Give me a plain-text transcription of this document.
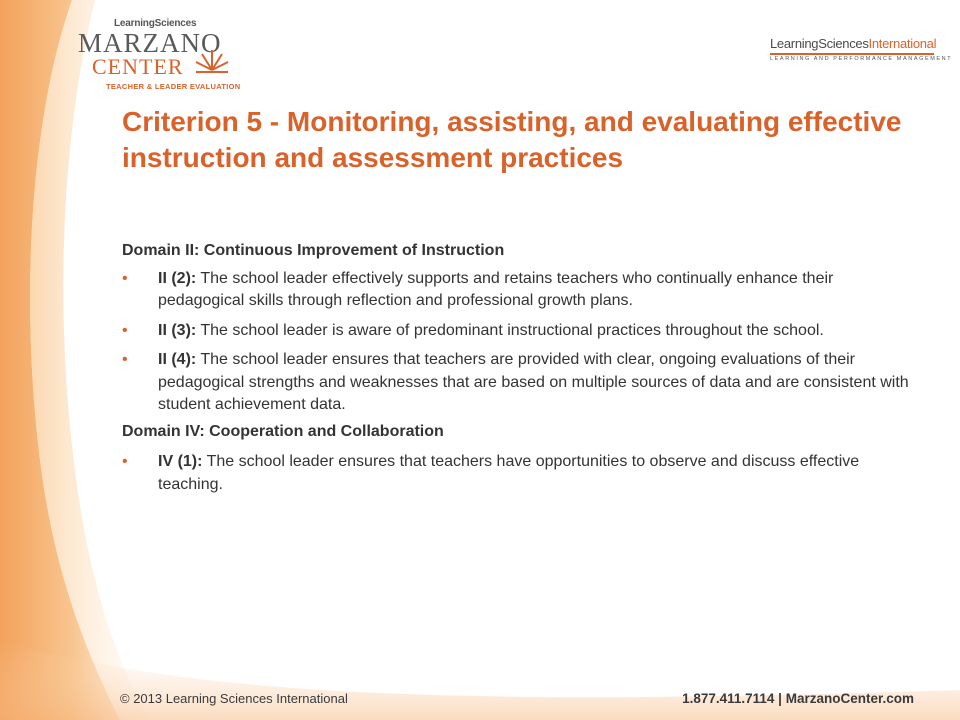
LearningSciences
MARZANO
CENTER
TEACHER & LEADER EVALUATION
LearningSciencesInternational
LEARNING AND PERFORMANCE MANAGEMENT
Criterion 5 - Monitoring, assisting, and evaluating effective instruction and assessment practices
Domain II: Continuous Improvement of Instruction
• II (2): The school leader effectively supports and retains teachers who continually enhance their pedagogical skills through reflection and professional growth plans.
• II (3): The school leader is aware of predominant instructional practices throughout the school.
• II (4): The school leader ensures that teachers are provided with clear, ongoing evaluations of their pedagogical strengths and weaknesses that are based on multiple sources of data and are consistent with student achievement data.
Domain IV: Cooperation and Collaboration
• IV (1): The school leader ensures that teachers have opportunities to observe and discuss effective teaching.
© 2013 Learning Sciences International	1.877.411.7114 | MarzanoCenter.com
